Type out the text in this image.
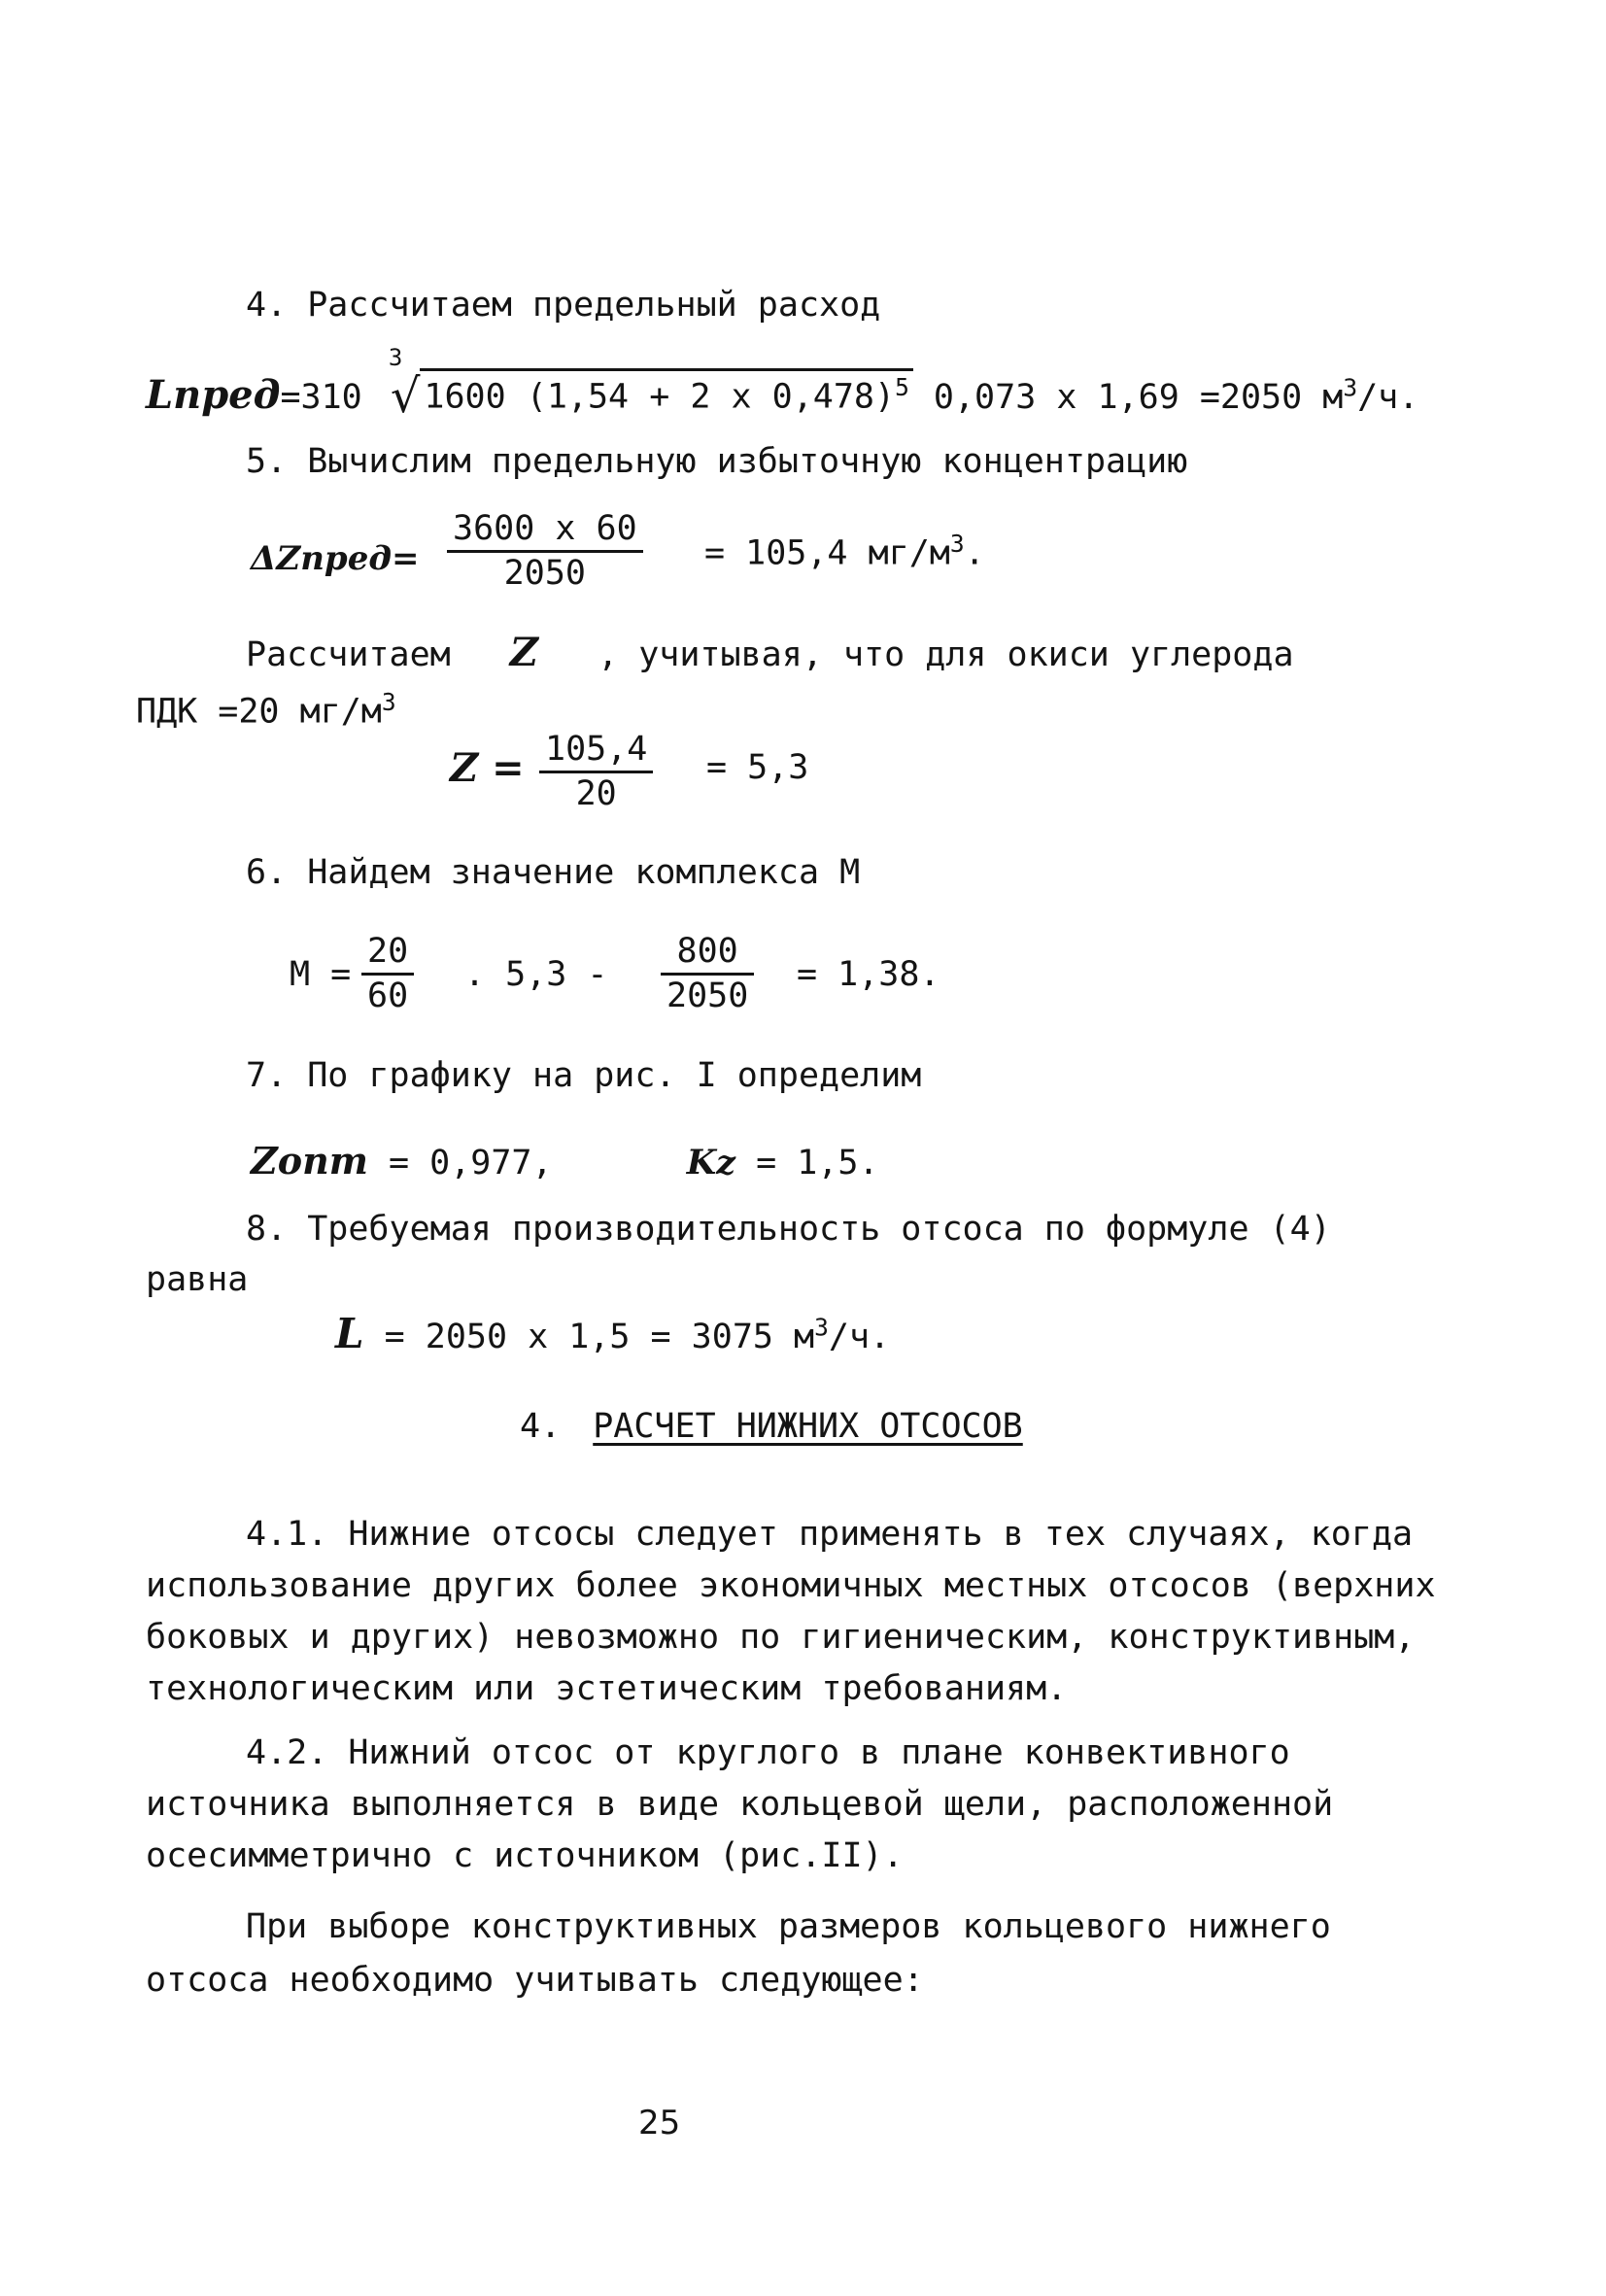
4. Рассчитаем предельный расход
Lпред=310
3
√ 1600 (1,54 + 2 х 0,478)$^5$ 0,073 х 1,69 =2050 $м^3/ч$.
5. Вычислим предельную избыточную концентрацию
ΔZпред=
3600 х 60
2050	= 105,4 $мг/м^3$.
Рассчитаем Z , учитывая, что для окиси углерода
ПДК =20 $мг/м^3$
Z = 105,4
20
= 5,3
6. Найдем значение комплекса М
М =
20
60
. 5,3 -
800
2050
= 1,38.
7. По графику на рис. I определим
Zопт = 0,977,	Kz = 1,5.
8. Требуемая производительность отсоса по формуле (4)
равна
L = 2050 х 1,5 = 3075 $м^3/ч$.
4. РАСЧЕТ НИЖНИХ ОТСОСОВ
4.1. Нижние отсосы следует применять в тех случаях, когда
использование других более экономичных местных отсосов (верхних
боковых и других) невозможно по гигиеническим, конструктивным,
технологическим или эстетическим требованиям.
4.2. Нижний отсос от круглого в плане конвективного
источника выполняется в виде кольцевой щели, расположенной
осесимметрично с источником (рис.II).
При выборе конструктивных размеров кольцевого нижнего
отсоса необходимо учитывать следующее:
25
